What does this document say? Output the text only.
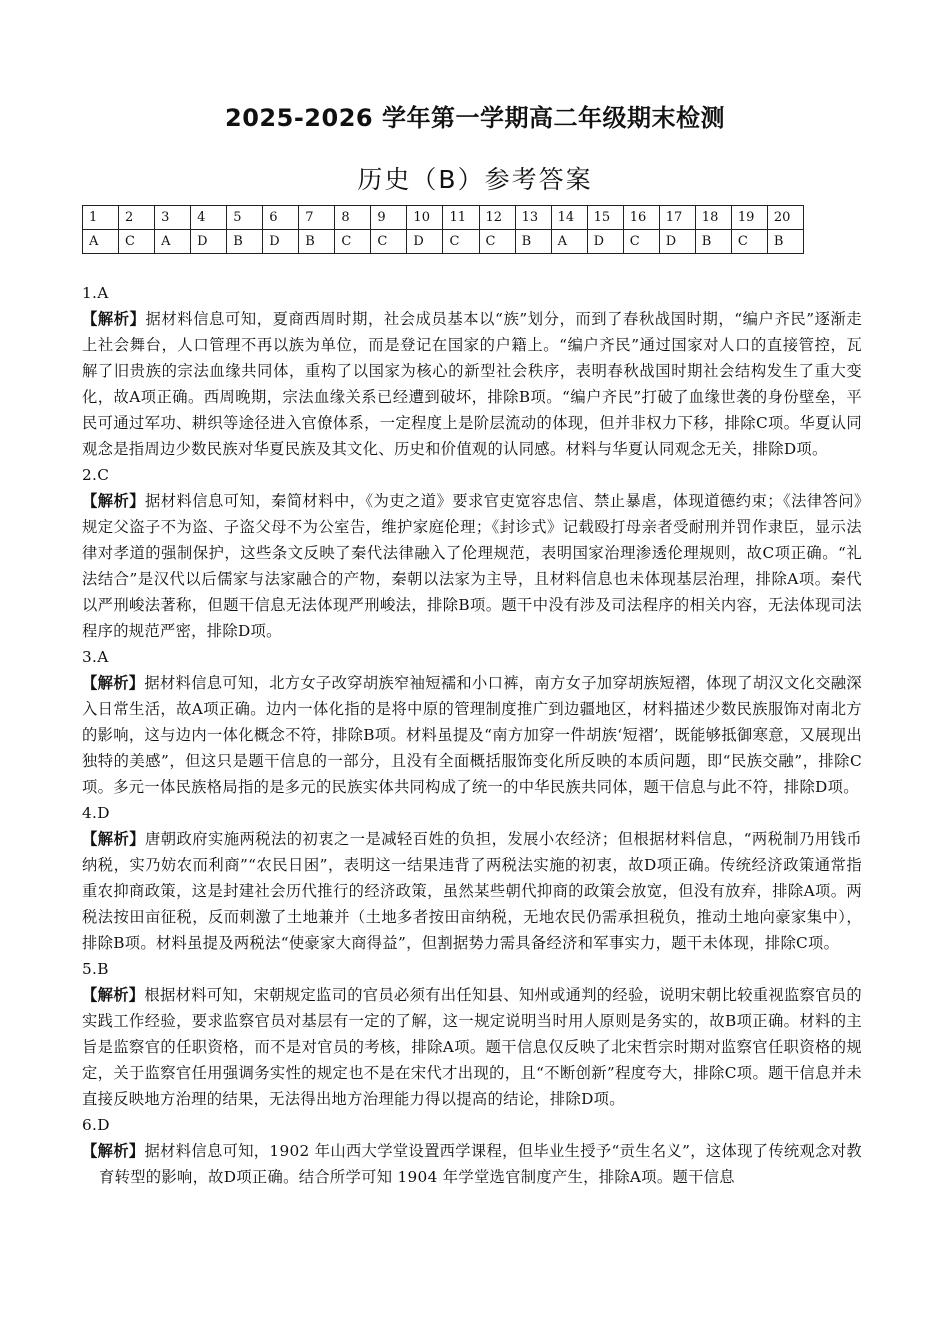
2025-2026 学年第一学期高二年级期末检测
历史（B）参考答案
1	2	3	4	5	6	7	8	9	10	11	12	13	14	15	16	17	18	19	20
A	C	A	D	B	D	B	C	C	D	C	C	B	A	D	C	D	B	C	B

1.A

【解析】据材料信息可知，夏商西周时期，社会成员基本以“族”划分，而到了春秋战国时期，“编户齐民”逐渐走上社会舞台，人口管理不再以族为单位，而是登记在国家的户籍上。“编户齐民”通过国家对人口的直接管控，瓦解了旧贵族的宗法血缘共同体，重构了以国家为核心的新型社会秩序，表明春秋战国时期社会结构发生了重大变化，故A项正确。西周晚期，宗法血缘关系已经遭到破坏，排除B项。“编户齐民”打破了血缘世袭的身份壁垒，平民可通过军功、耕织等途径进入官僚体系，一定程度上是阶层流动的体现，但并非权力下移，排除C项。华夏认同观念是指周边少数民族对华夏民族及其文化、历史和价值观的认同感。材料与华夏认同观念无关，排除D项。

2.C

【解析】据材料信息可知，秦简材料中，《为吏之道》要求官吏宽容忠信、禁止暴虐，体现道德约束；《法律答问》规定父盗子不为盗、子盗父母不为公室告，维护家庭伦理；《封诊式》记载殴打母亲者受耐刑并罚作隶臣，显示法律对孝道的强制保护，这些条文反映了秦代法律融入了伦理规范，表明国家治理渗透伦理规则，故C项正确。“礼法结合”是汉代以后儒家与法家融合的产物，秦朝以法家为主导，且材料信息也未体现基层治理，排除A项。秦代以严刑峻法著称，但题干信息无法体现严刑峻法，排除B项。题干中没有涉及司法程序的相关内容，无法体现司法程序的规范严密，排除D项。

3.A

【解析】据材料信息可知，北方女子改穿胡族窄袖短襦和小口裤，南方女子加穿胡族短褶，体现了胡汉文化交融深入日常生活，故A项正确。边内一体化指的是将中原的管理制度推广到边疆地区，材料描述少数民族服饰对南北方的影响，这与边内一体化概念不符，排除B项。材料虽提及“南方加穿一件胡族‘短褶’，既能够抵御寒意，又展现出独特的美感”，但这只是题干信息的一部分，且没有全面概括服饰变化所反映的本质问题，即“民族交融”，排除C项。多元一体民族格局指的是多元的民族实体共同构成了统一的中华民族共同体，题干信息与此不符，排除D项。

4.D

【解析】唐朝政府实施两税法的初衷之一是减轻百姓的负担，发展小农经济；但根据材料信息，“两税制乃用钱币纳税，实乃妨农而利商”“农民日困”，表明这一结果违背了两税法实施的初衷，故D项正确。传统经济政策通常指重农抑商政策，这是封建社会历代推行的经济政策，虽然某些朝代抑商的政策会放宽，但没有放弃，排除A项。两税法按田亩征税，反而刺激了土地兼并（土地多者按田亩纳税，无地农民仍需承担税负，推动土地向豪家集中），排除B项。材料虽提及两税法“使豪家大商得益”，但割据势力需具备经济和军事实力，题干未体现，排除C项。

5.B

【解析】根据材料可知，宋朝规定监司的官员必须有出任知县、知州或通判的经验，说明宋朝比较重视监察官员的实践工作经验，要求监察官员对基层有一定的了解，这一规定说明当时用人原则是务实的，故B项正确。材料的主旨是监察官的任职资格，而不是对官员的考核，排除A项。题干信息仅反映了北宋哲宗时期对监察官任职资格的规定，关于监察官任用强调务实性的规定也不是在宋代才出现的，且“不断创新”程度夸大，排除C项。题干信息并未直接反映地方治理的结果，无法得出地方治理能力得以提高的结论，排除D项。

6.D

【解析】据材料信息可知，1902 年山西大学堂设置西学课程，但毕业生授予“贡生名义”，这体现了传统观念对教育转型的影响，故D项正确。结合所学可知 1904 年学堂选官制度产生，排除A项。题干信息
